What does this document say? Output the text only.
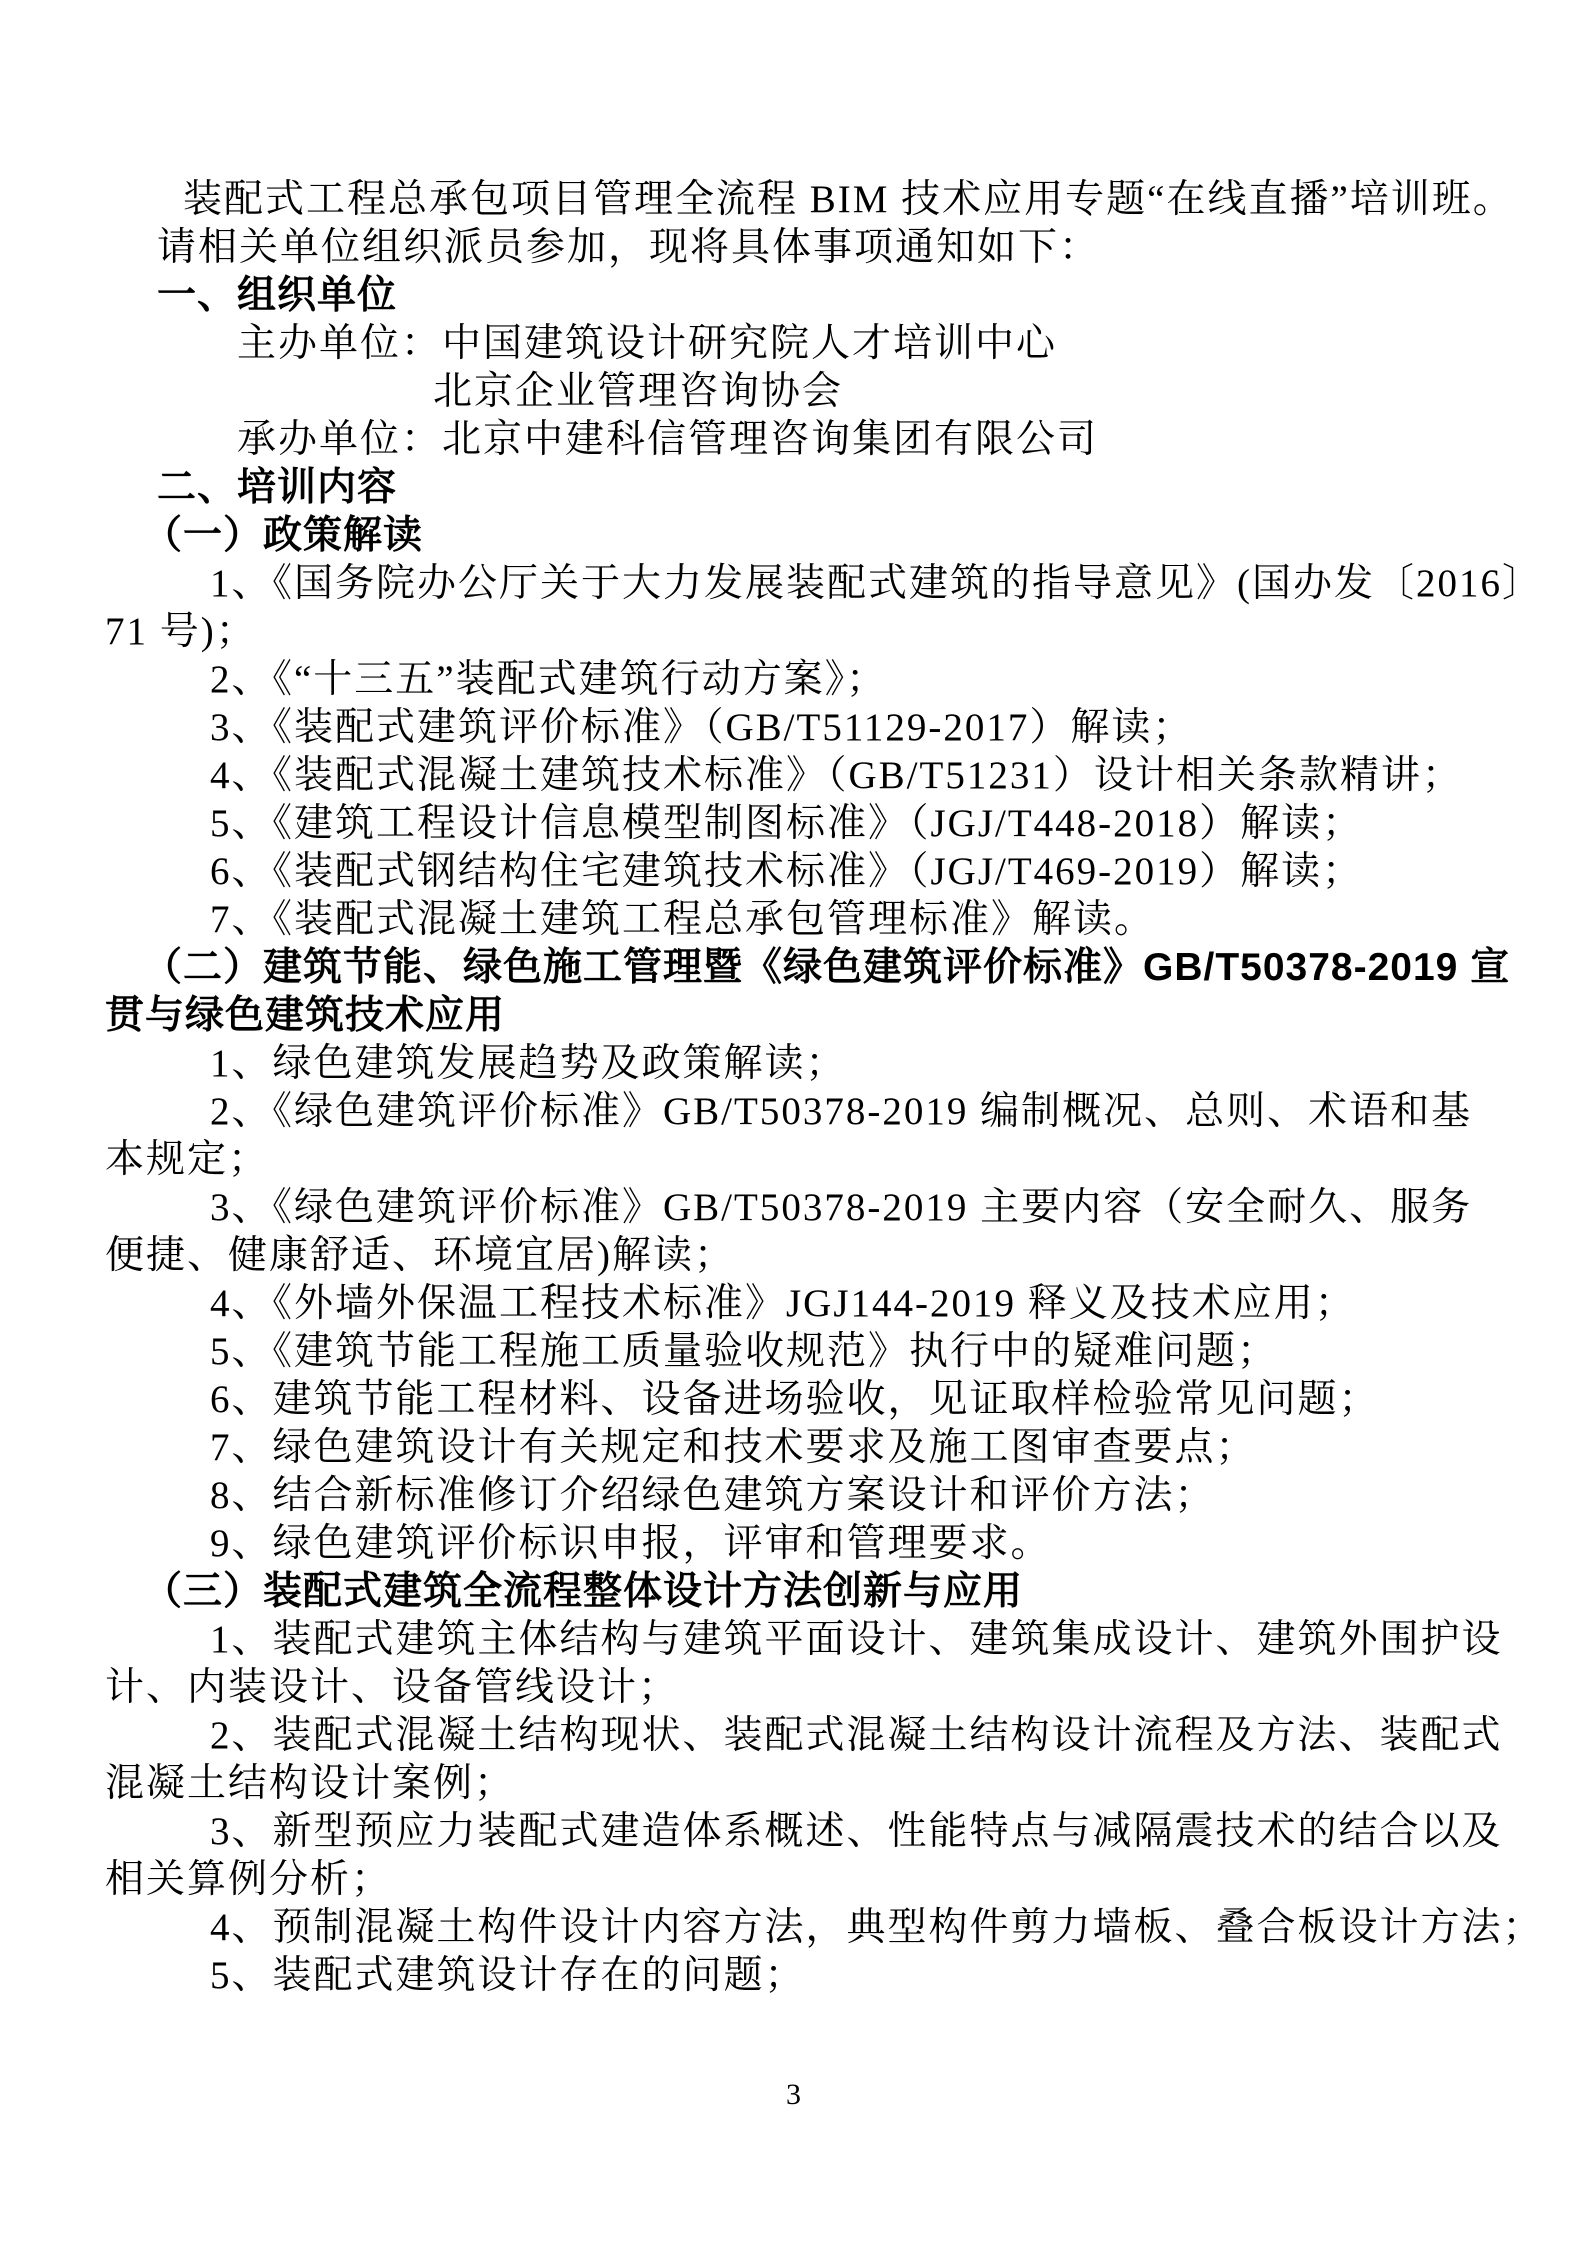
装配式工程总承包项目管理全流程 BIM 技术应用专题“在线直播”培训班。
请相关单位组织派员参加，现将具体事项通知如下：
一、组织单位
主办单位：中国建筑设计研究院人才培训中心
北京企业管理咨询协会
承办单位：北京中建科信管理咨询集团有限公司
二、培训内容
（一）政策解读
1、《国务院办公厅关于大力发展装配式建筑的指导意见》(国办发〔2016〕
71 号)；
2、《“十三五”装配式建筑行动方案》；
3、《装配式建筑评价标准》（GB/T51129-2017）解读；
4、《装配式混凝土建筑技术标准》（GB/T51231）设计相关条款精讲；
5、《建筑工程设计信息模型制图标准》（JGJ/T448-2018）解读；
6、《装配式钢结构住宅建筑技术标准》（JGJ/T469-2019）解读；
7、《装配式混凝土建筑工程总承包管理标准》解读。
（二）建筑节能、绿色施工管理暨《绿色建筑评价标准》GB/T50378-2019 宣
贯与绿色建筑技术应用
1、绿色建筑发展趋势及政策解读；
2、《绿色建筑评价标准》GB/T50378-2019 编制概况、总则、术语和基
本规定；
3、《绿色建筑评价标准》GB/T50378-2019 主要内容（安全耐久、服务
便捷、健康舒适、环境宜居)解读；
4、《外墙外保温工程技术标准》JGJ144-2019 释义及技术应用；
5、《建筑节能工程施工质量验收规范》执行中的疑难问题；
6、建筑节能工程材料、设备进场验收，见证取样检验常见问题；
7、绿色建筑设计有关规定和技术要求及施工图审查要点；
8、结合新标准修订介绍绿色建筑方案设计和评价方法；
9、绿色建筑评价标识申报，评审和管理要求。
（三）装配式建筑全流程整体设计方法创新与应用
1、装配式建筑主体结构与建筑平面设计、建筑集成设计、建筑外围护设
计、内装设计、设备管线设计；
2、装配式混凝土结构现状、装配式混凝土结构设计流程及方法、装配式
混凝土结构设计案例；
3、新型预应力装配式建造体系概述、性能特点与减隔震技术的结合以及
相关算例分析；
4、预制混凝土构件设计内容方法，典型构件剪力墙板、叠合板设计方法；
5、装配式建筑设计存在的问题；
3
